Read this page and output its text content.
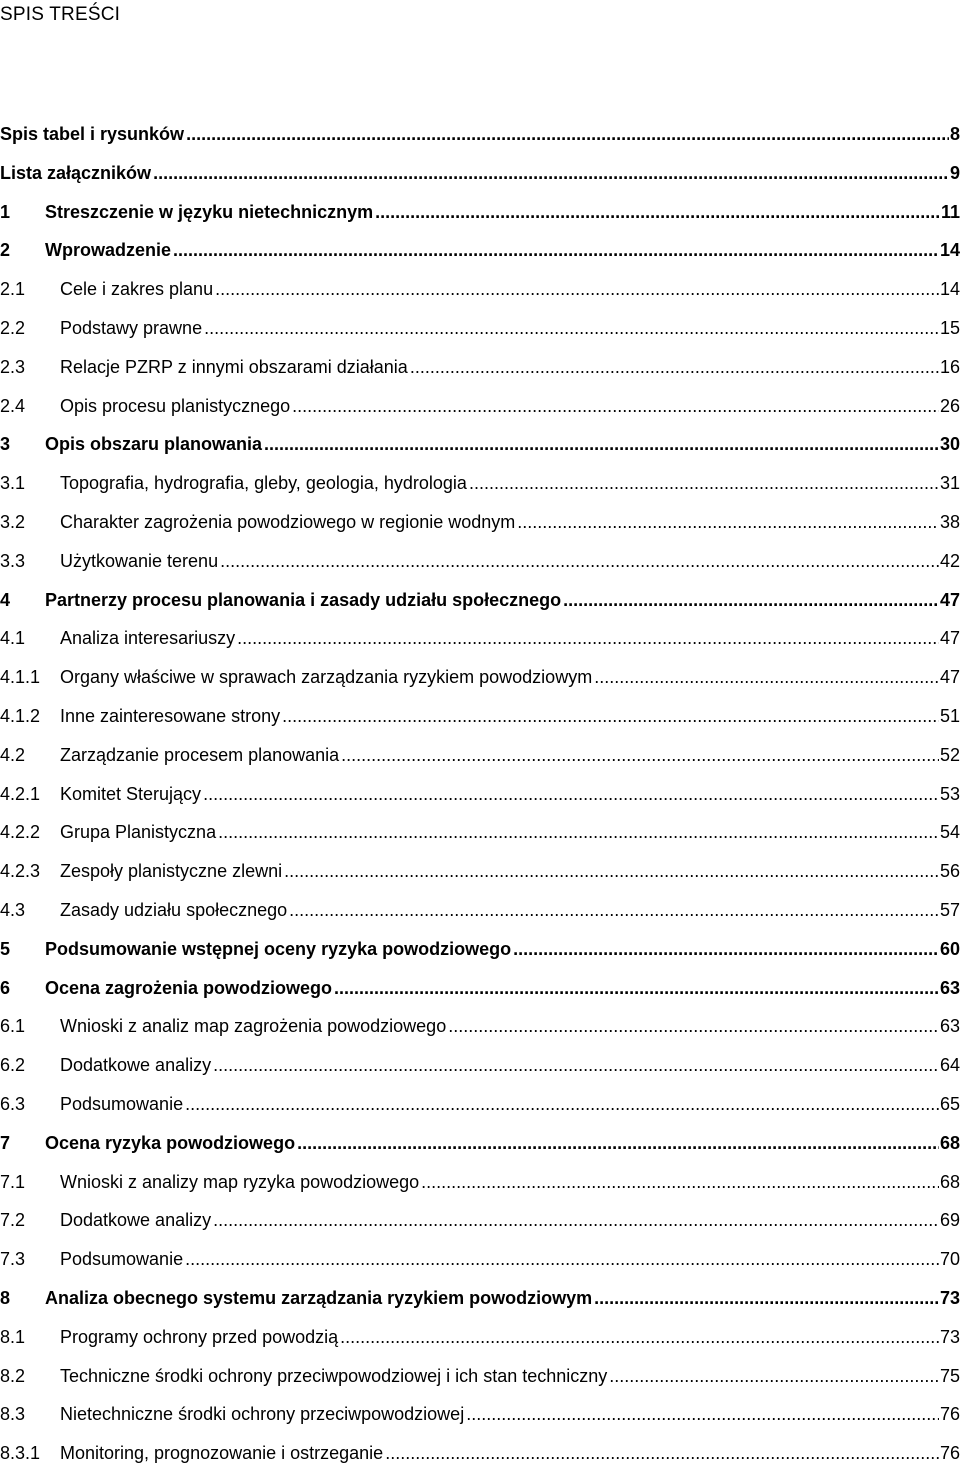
SPIS TREŚCI
Spis tabel i rysunków .....	8
Lista załączników .....	9
1	Streszczenie w języku nietechnicznym .....	11
2	Wprowadzenie .....	14
2.1	Cele i zakres planu .....	14
2.2	Podstawy prawne .....	15
2.3	Relacje PZRP z innymi obszarami działania .....	16
2.4	Opis procesu planistycznego .....	26
3	Opis obszaru planowania .....	30
3.1	Topografia, hydrografia, gleby, geologia, hydrologia .....	31
3.2	Charakter zagrożenia powodziowego w regionie wodnym .....	38
3.3	Użytkowanie terenu .....	42
4	Partnerzy procesu planowania i zasady udziału społecznego .....	47
4.1	Analiza interesariuszy .....	47
4.1.1	Organy właściwe w sprawach zarządzania ryzykiem powodziowym .....	47
4.1.2	Inne zainteresowane strony .....	51
4.2	Zarządzanie procesem planowania .....	52
4.2.1	Komitet Sterujący .....	53
4.2.2	Grupa Planistyczna .....	54
4.2.3	Zespoły planistyczne zlewni .....	56
4.3	Zasady udziału społecznego .....	57
5	Podsumowanie wstępnej oceny ryzyka powodziowego .....	60
6	Ocena zagrożenia powodziowego .....	63
6.1	Wnioski z analiz map zagrożenia powodziowego .....	63
6.2	Dodatkowe analizy .....	64
6.3	Podsumowanie .....	65
7	Ocena ryzyka powodziowego .....	68
7.1	Wnioski z analizy map ryzyka powodziowego .....	68
7.2	Dodatkowe analizy .....	69
7.3	Podsumowanie .....	70
8	Analiza obecnego systemu zarządzania ryzykiem powodziowym .....	73
8.1	Programy ochrony przed powodzią .....	73
8.2	Techniczne środki ochrony przeciwpowodziowej i ich stan techniczny .....	75
8.3	Nietechniczne środki ochrony przeciwpowodziowej .....	76
8.3.1	Monitoring, prognozowanie i ostrzeganie .....	76
